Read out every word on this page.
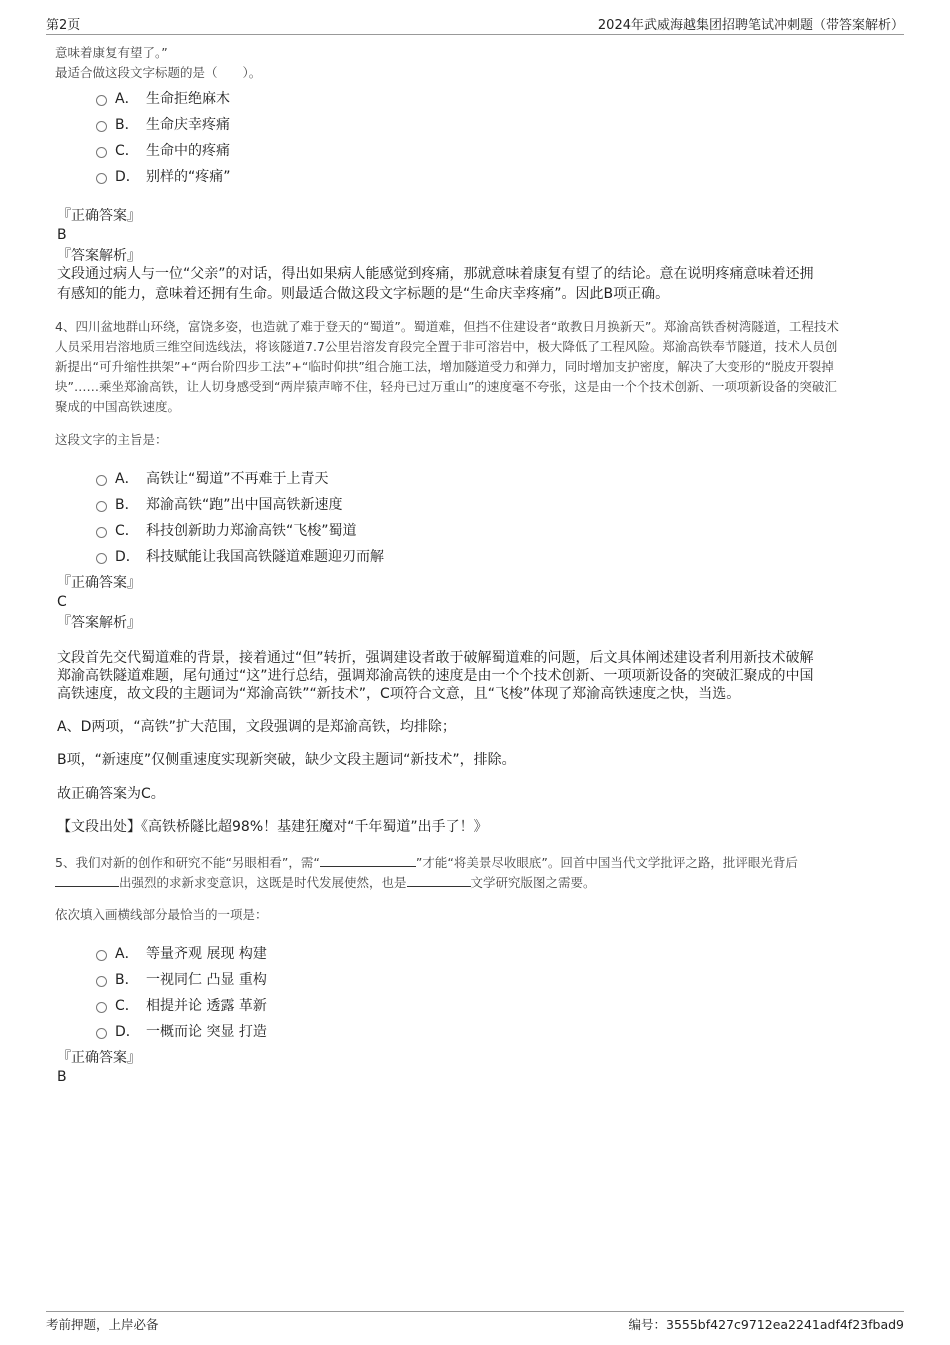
第2页	2024年武威海越集团招聘笔试冲刺题（带答案解析）
意味着康复有望了。”
最适合做这段文字标题的是（　　）。
A． 生命拒绝麻木
B． 生命庆幸疼痛
C． 生命中的疼痛
D． 别样的“疼痛”
『正确答案』
B
『答案解析』
文段通过病人与一位“父亲”的对话，得出如果病人能感觉到疼痛，那就意味着康复有望了的结论。意在说明疼痛意味着还拥
有感知的能力，意味着还拥有生命。则最适合做这段文字标题的是“生命庆幸疼痛”。因此B项正确。
4、四川盆地群山环绕，富饶多姿，也造就了难于登天的“蜀道”。蜀道难，但挡不住建设者“敢教日月换新天”。郑渝高铁香树湾隧道，工程技术
人员采用岩溶地质三维空间选线法，将该隧道7.7公里岩溶发育段完全置于非可溶岩中，极大降低了工程风险。郑渝高铁奉节隧道，技术人员创
新提出“可升缩性拱架”+“两台阶四步工法”+“临时仰拱”组合施工法，增加隧道受力和弹力，同时增加支护密度，解决了大变形的“脱皮开裂掉
块”……乘坐郑渝高铁，让人切身感受到“两岸猿声啼不住，轻舟已过万重山”的速度毫不夸张，这是由一个个技术创新、一项项新设备的突破汇
聚成的中国高铁速度。
这段文字的主旨是：
A． 高铁让“蜀道”不再难于上青天
B． 郑渝高铁“跑”出中国高铁新速度
C． 科技创新助力郑渝高铁“飞梭”蜀道
D． 科技赋能让我国高铁隧道难题迎刃而解
『正确答案』
C
『答案解析』
文段首先交代蜀道难的背景，接着通过“但”转折，强调建设者敢于破解蜀道难的问题，后文具体阐述建设者利用新技术破解
郑渝高铁隧道难题，尾句通过“这”进行总结，强调郑渝高铁的速度是由一个个技术创新、一项项新设备的突破汇聚成的中国
高铁速度，故文段的主题词为“郑渝高铁”“新技术”，C项符合文意，且“飞梭”体现了郑渝高铁速度之快，当选。
A、D两项，“高铁”扩大范围，文段强调的是郑渝高铁，均排除；
B项，“新速度”仅侧重速度实现新突破，缺少文段主题词“新技术”，排除。
故正确答案为C。
【文段出处】《高铁桥隧比超98%！基建狂魔对“千年蜀道”出手了！》
5、我们对新的创作和研究不能“另眼相看”，需“	”才能“将美景尽收眼底”。回首中国当代文学批评之路，批评眼光背后
出强烈的求新求变意识，这既是时代发展使然，也是	文学研究版图之需要。
依次填入画横线部分最恰当的一项是：
A． 等量齐观 展现 构建
B． 一视同仁 凸显 重构
C． 相提并论 透露 革新
D． 一概而论 突显 打造
『正确答案』
B
考前押题，上岸必备	编号：3555bf427c9712ea2241adf4f23fbad9
